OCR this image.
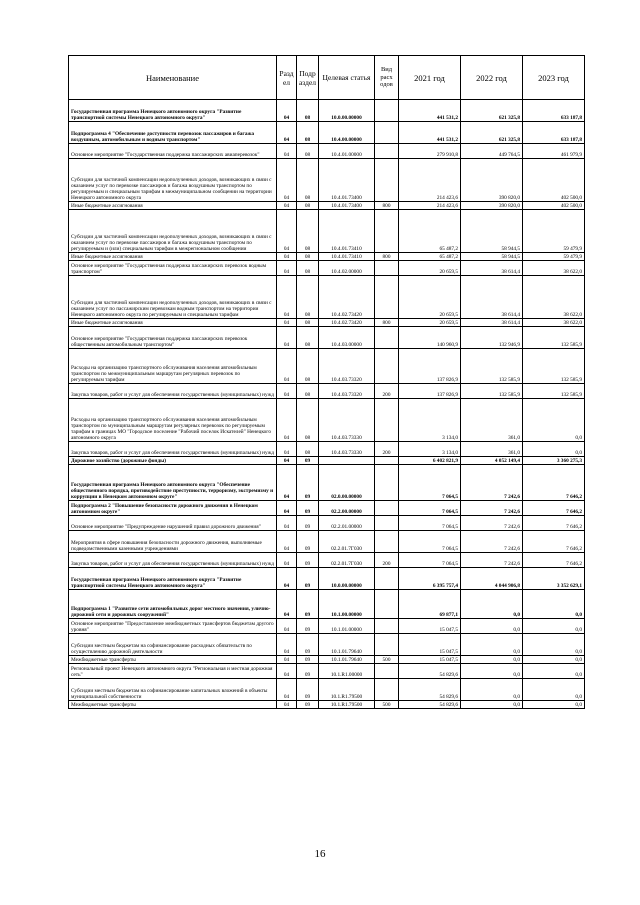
Наименование	Разд ел	Подр аздел	Целевая статья	Вид расх одов	2021 год	2022 год	2023 год
Государственная программа Ненецкого автономного округа "Развитие транспортной системы Ненецкого автономного округа"	04	08	10.0.00.00000		441 531,2	621 325,8	633 187,8
Подпрограмма 4 "Обеспечение доступности перевозок пассажиров и багажа воздушным, автомобильным и водным транспортом"	04	08	10.4.00.00000		441 531,2	621 325,8	633 187,8
Основное мероприятие "Государственная поддержка пассажирских авиаперевозок"	04	08	10.4.01.00000		279 910,8	449 764,5	461 979,9
Субсидии для частичной компенсации недополученных доходов, возникающих в связи с оказанием услуг по перевозке пассажиров и багажа воздушным транспортом по регулируемым и специальным тарифам в межмуниципальном сообщении на территории Ненецкого автономного округа	04	08	10.4.01.73400		214 423,6	390 820,0	402 500,0
Иные бюджетные ассигнования	04	08	10.4.01.73400	800	214 423,6	390 820,0	402 500,0
Субсидии для частичной компенсации недополученных доходов, возникающих в связи с оказанием услуг по перевозке пассажиров и багажа воздушным транспортом по регулируемым и (или) специальным тарифам в межрегиональном сообщении	04	08	10.4.01.73410		65 487,2	58 944,5	59 479,9
Иные бюджетные ассигнования	04	08	10.4.01.73410	800	65 487,2	58 944,5	59 479,9
Основное мероприятие "Государственная поддержка пассажирских перевозок водным транспортом"	04	08	10.4.02.00000		20 659,5	38 614,4	38 622,0
Субсидии для частичной компенсации недополученных доходов, возникающих в связи с оказанием услуг по пассажирским перевозкам водным транспортом на территории Ненецкого автономного округа по регулируемым и специальным тарифам	04	08	10.4.02.73420		20 659,5	38 614,4	38 622,0
Иные бюджетные ассигнования	04	08	10.4.02.73420	800	20 659,5	38 614,4	38 622,0
Основное мероприятие "Государственная поддержка пассажирских перевозок общественным автомобильным транспортом"	04	08	10.4.03.00000		140 960,9	132 946,9	132 585,9
Расходы на организацию транспортного обслуживания населения автомобильным транспортом по межмуниципальным маршрутам регулярных перевозок по регулируемым тарифам	04	08	10.4.03.73320		137 826,9	132 585,9	132 585,9
Закупка товаров, работ и услуг для обеспечения государственных (муниципальных) нужд	04	08	10.4.03.73320	200	137 826,9	132 585,9	132 585,9
Расходы на организацию транспортного обслуживания населения автомобильным транспортом по муниципальным маршрутам регулярных перевозок по регулируемым тарифам в границах МО "Городское поселение "Рабочий поселок Искателей" Ненецкого автономного округа	04	08	10.4.03.73330		3 134,0	361,0	0,0
Закупка товаров, работ и услуг для обеспечения государственных (муниципальных) нужд	04	08	10.4.03.73330	200	3 134,0	361,0	0,0
Дорожное хозяйство (дорожные фонды)	04	09			6 402 821,9	4 052 149,4	3 360 275,3
Государственная программа Ненецкого автономного округа "Обеспечение общественного порядка, противодействие преступности, терроризму, экстремизму и коррупции в Ненецком автономном округе"	04	09	02.0.00.00000		7 064,5	7 242,6	7 646,2
Подпрограмма 2 "Повышение безопасности дорожного движения в Ненецком автономном округе"	04	09	02.2.00.00000		7 064,5	7 242,6	7 646,2
Основное мероприятие "Предупреждение нарушений правил дорожного движения"	04	09	02.2.01.00000		7 064,5	7 242,6	7 646,2
Мероприятия в сфере повышения безопасности дорожного движения, выполняемые подведомственными казенными учреждениями	04	09	02.2.01.7Г030		7 064,5	7 242,6	7 646,2
Закупка товаров, работ и услуг для обеспечения государственных (муниципальных) нужд	04	09	02.2.01.7Г030	200	7 064,5	7 242,6	7 646,2
Государственная программа Ненецкого автономного округа "Развитие транспортной системы Ненецкого автономного округа"	04	09	10.0.00.00000		6 395 757,4	4 044 906,8	3 352 629,1
Подпрограмма 1 "Развитие сети автомобильных дорог местного значения, улично-дорожной сети и дорожных сооружений"	04	09	10.1.00.00000		69 877,1	0,0	0,0
Основное мероприятие "Предоставление межбюджетных трансфертов бюджетам другого уровня"	04	09	10.1.01.00000		15 047,5	0,0	0,0
Субсидии местным бюджетам на софинансирование расходных обязательств по осуществлению дорожной деятельности	04	09	10.1.01.79640		15 047,5	0,0	0,0
Межбюджетные трансферты	04	09	10.1.01.79640	500	15 047,5	0,0	0,0
Региональный проект Ненецкого автономного округа "Региональная и местная дорожная сеть"	04	09	10.1.R1.00000		54 829,6	0,0	0,0
Субсидии местным бюджетам на софинансирование капитальных вложений в объекты муниципальной собственности	04	09	10.1.R1.79500		54 829,6	0,0	0,0
Межбюджетные трансферты	04	09	10.1.R1.79500	500	54 829,6	0,0	0,0
16
